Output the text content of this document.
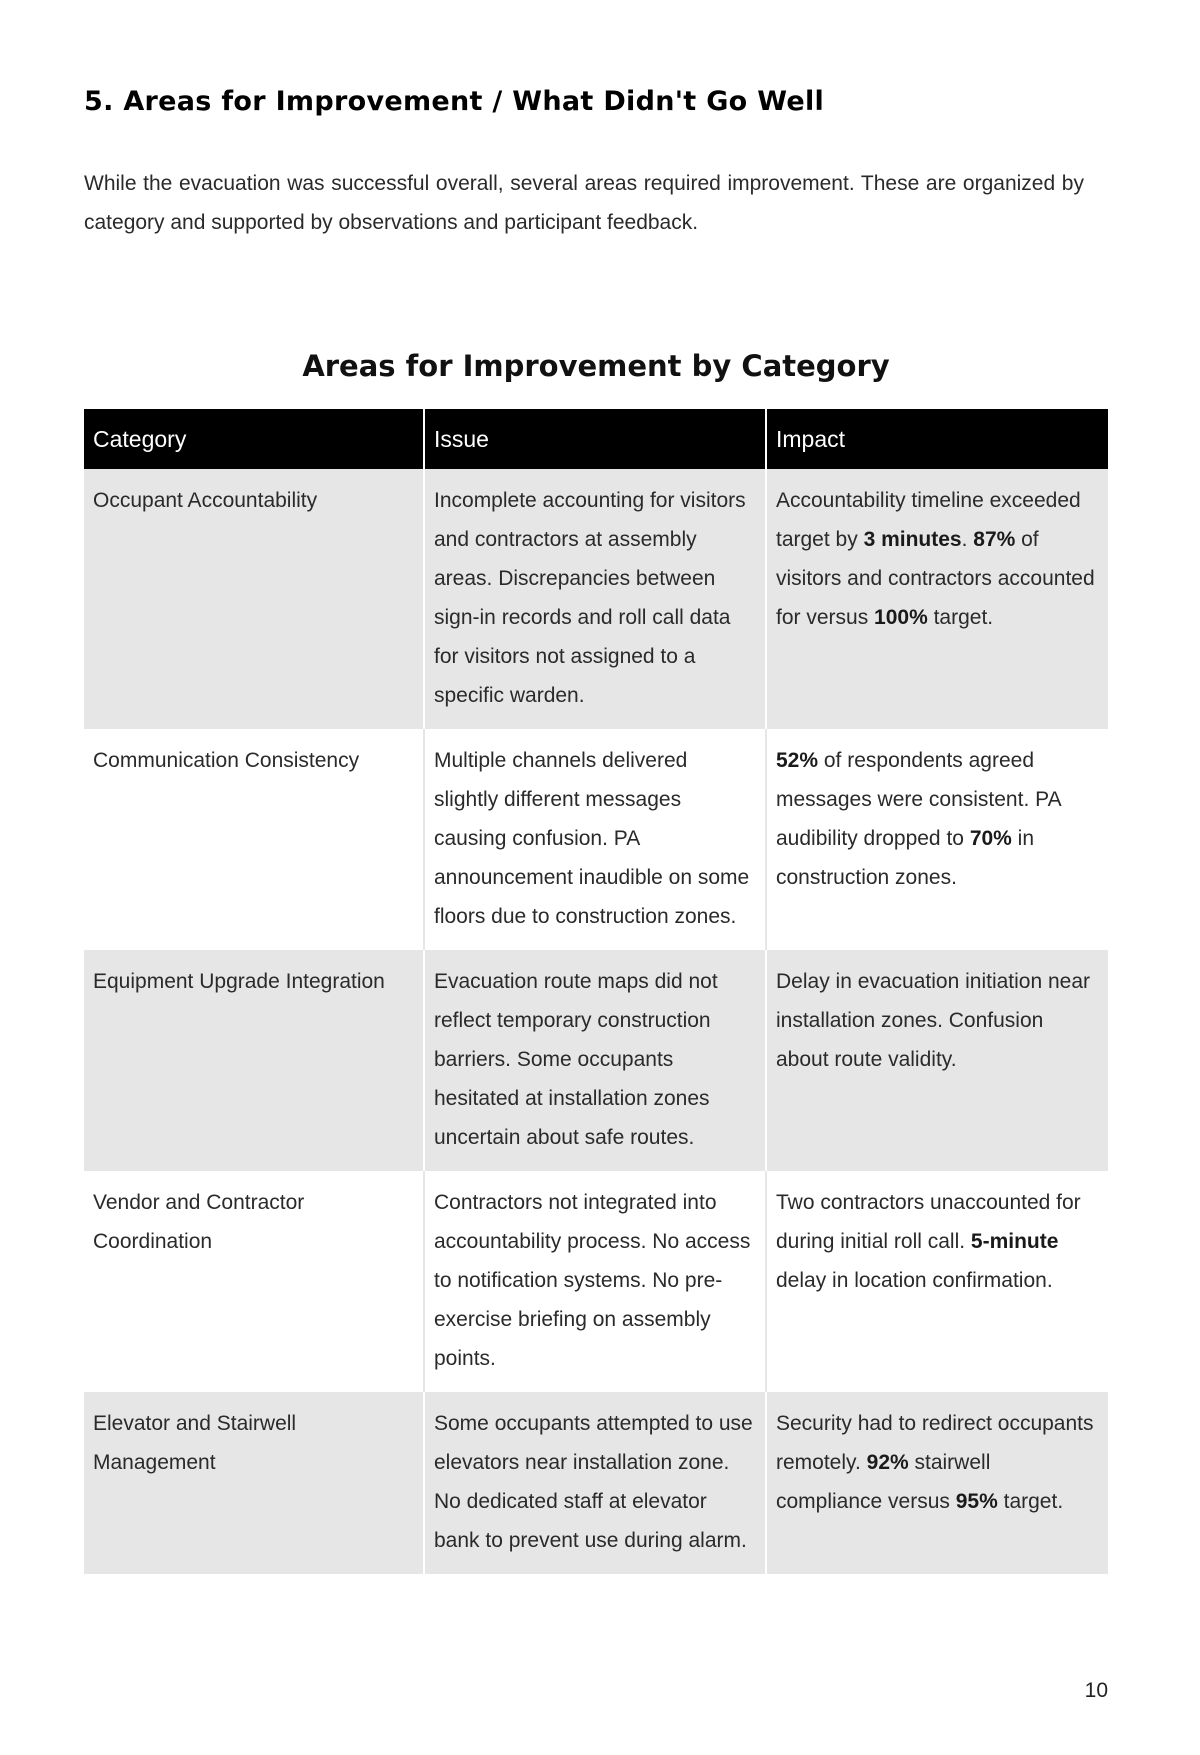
5. Areas for Improvement / What Didn't Go Well

While the evacuation was successful overall, several areas required improvement. These are organized by category and supported by observations and participant feedback.

Areas for Improvement by Category
Category	Issue	Impact
Occupant Accountability	Incomplete accounting for visitors and contractors at assembly areas. Discrepancies between sign-in records and roll call data for visitors not assigned to a specific warden.	Accountability timeline exceeded target by 3 minutes. 87% of visitors and contractors accounted for versus 100% target.
Communication Consistency	Multiple channels delivered slightly different messages causing confusion. PA announcement inaudible on some floors due to construction zones.	52% of respondents agreed messages were consistent. PA audibility dropped to 70% in construction zones.
Equipment Upgrade Integration	Evacuation route maps did not reflect temporary construction barriers. Some occupants hesitated at installation zones uncertain about safe routes.	Delay in evacuation initiation near installation zones. Confusion about route validity.
Vendor and Contractor Coordination	Contractors not integrated into accountability process. No access to notification systems. No pre-exercise briefing on assembly points.	Two contractors unaccounted for during initial roll call. 5-minute delay in location confirmation.
Elevator and Stairwell Management	Some occupants attempted to use elevators near installation zone. No dedicated staff at elevator bank to prevent use during alarm.	Security had to redirect occupants remotely. 92% stairwell compliance versus 95% target.
10
